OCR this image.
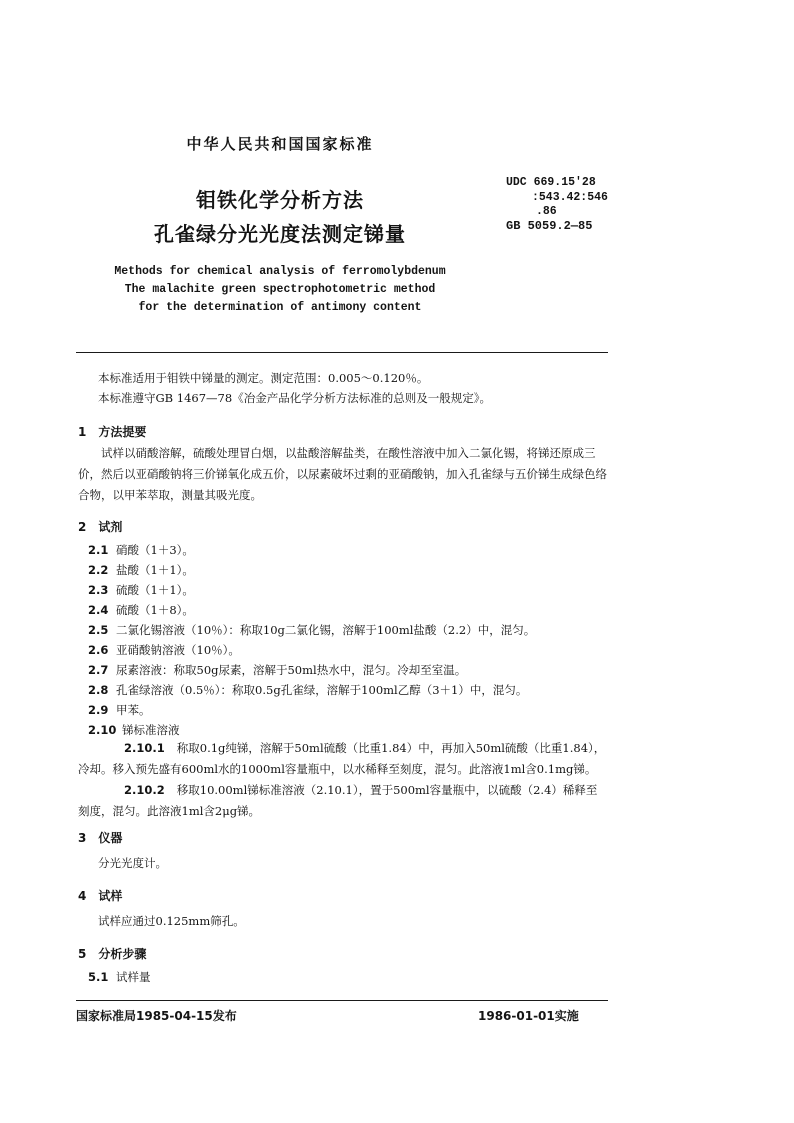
中华人民共和国国家标准
钼铁化学分析方法
孔雀绿分光光度法测定锑量
UDC 669.15′28
:543.42:546
.86
GB 5059.2—85
Methods for chemical analysis of ferromolybdenum
The malachite green spectrophotometric method
for the determination of antimony content
本标准适用于钼铁中锑量的测定。测定范围：0.005～0.120％。
本标准遵守GB 1467—78《冶金产品化学分析方法标准的总则及一般规定》。
1　方法提要
试样以硝酸溶解，硫酸处理冒白烟，以盐酸溶解盐类，在酸性溶液中加入二氯化锡，将锑还原成三价，然后以亚硝酸钠将三价锑氧化成五价，以尿素破坏过剩的亚硝酸钠，加入孔雀绿与五价锑生成绿色络合物，以甲苯萃取，测量其吸光度。
2　试剂
2.1 硝酸（1＋3）。
2.2 盐酸（1＋1）。
2.3 硫酸（1＋1）。
2.4 硫酸（1＋8）。
2.5 二氯化锡溶液（10％）：称取10g二氯化锡，溶解于100ml盐酸（2.2）中，混匀。
2.6 亚硝酸钠溶液（10％）。
2.7 尿素溶液：称取50g尿素，溶解于50ml热水中，混匀。冷却至室温。
2.8 孔雀绿溶液（0.5％）：称取0.5g孔雀绿，溶解于100ml乙醇（3＋1）中，混匀。
2.9 甲苯。
2.10 锑标准溶液
2.10.1 称取0.1g纯锑，溶解于50ml硫酸（比重1.84）中，再加入50ml硫酸（比重1.84），冷却。移入预先盛有600ml水的1000ml容量瓶中，以水稀释至刻度，混匀。此溶液1ml含0.1mg锑。
2.10.2 移取10.00ml锑标准溶液（2.10.1），置于500ml容量瓶中，以硫酸（2.4）稀释至刻度，混匀。此溶液1ml含2μg锑。
3　仪器
分光光度计。
4　试样
试样应通过0.125mm筛孔。
5　分析步骤
5.1 试样量
国家标准局1985-04-15发布	1986-01-01实施
